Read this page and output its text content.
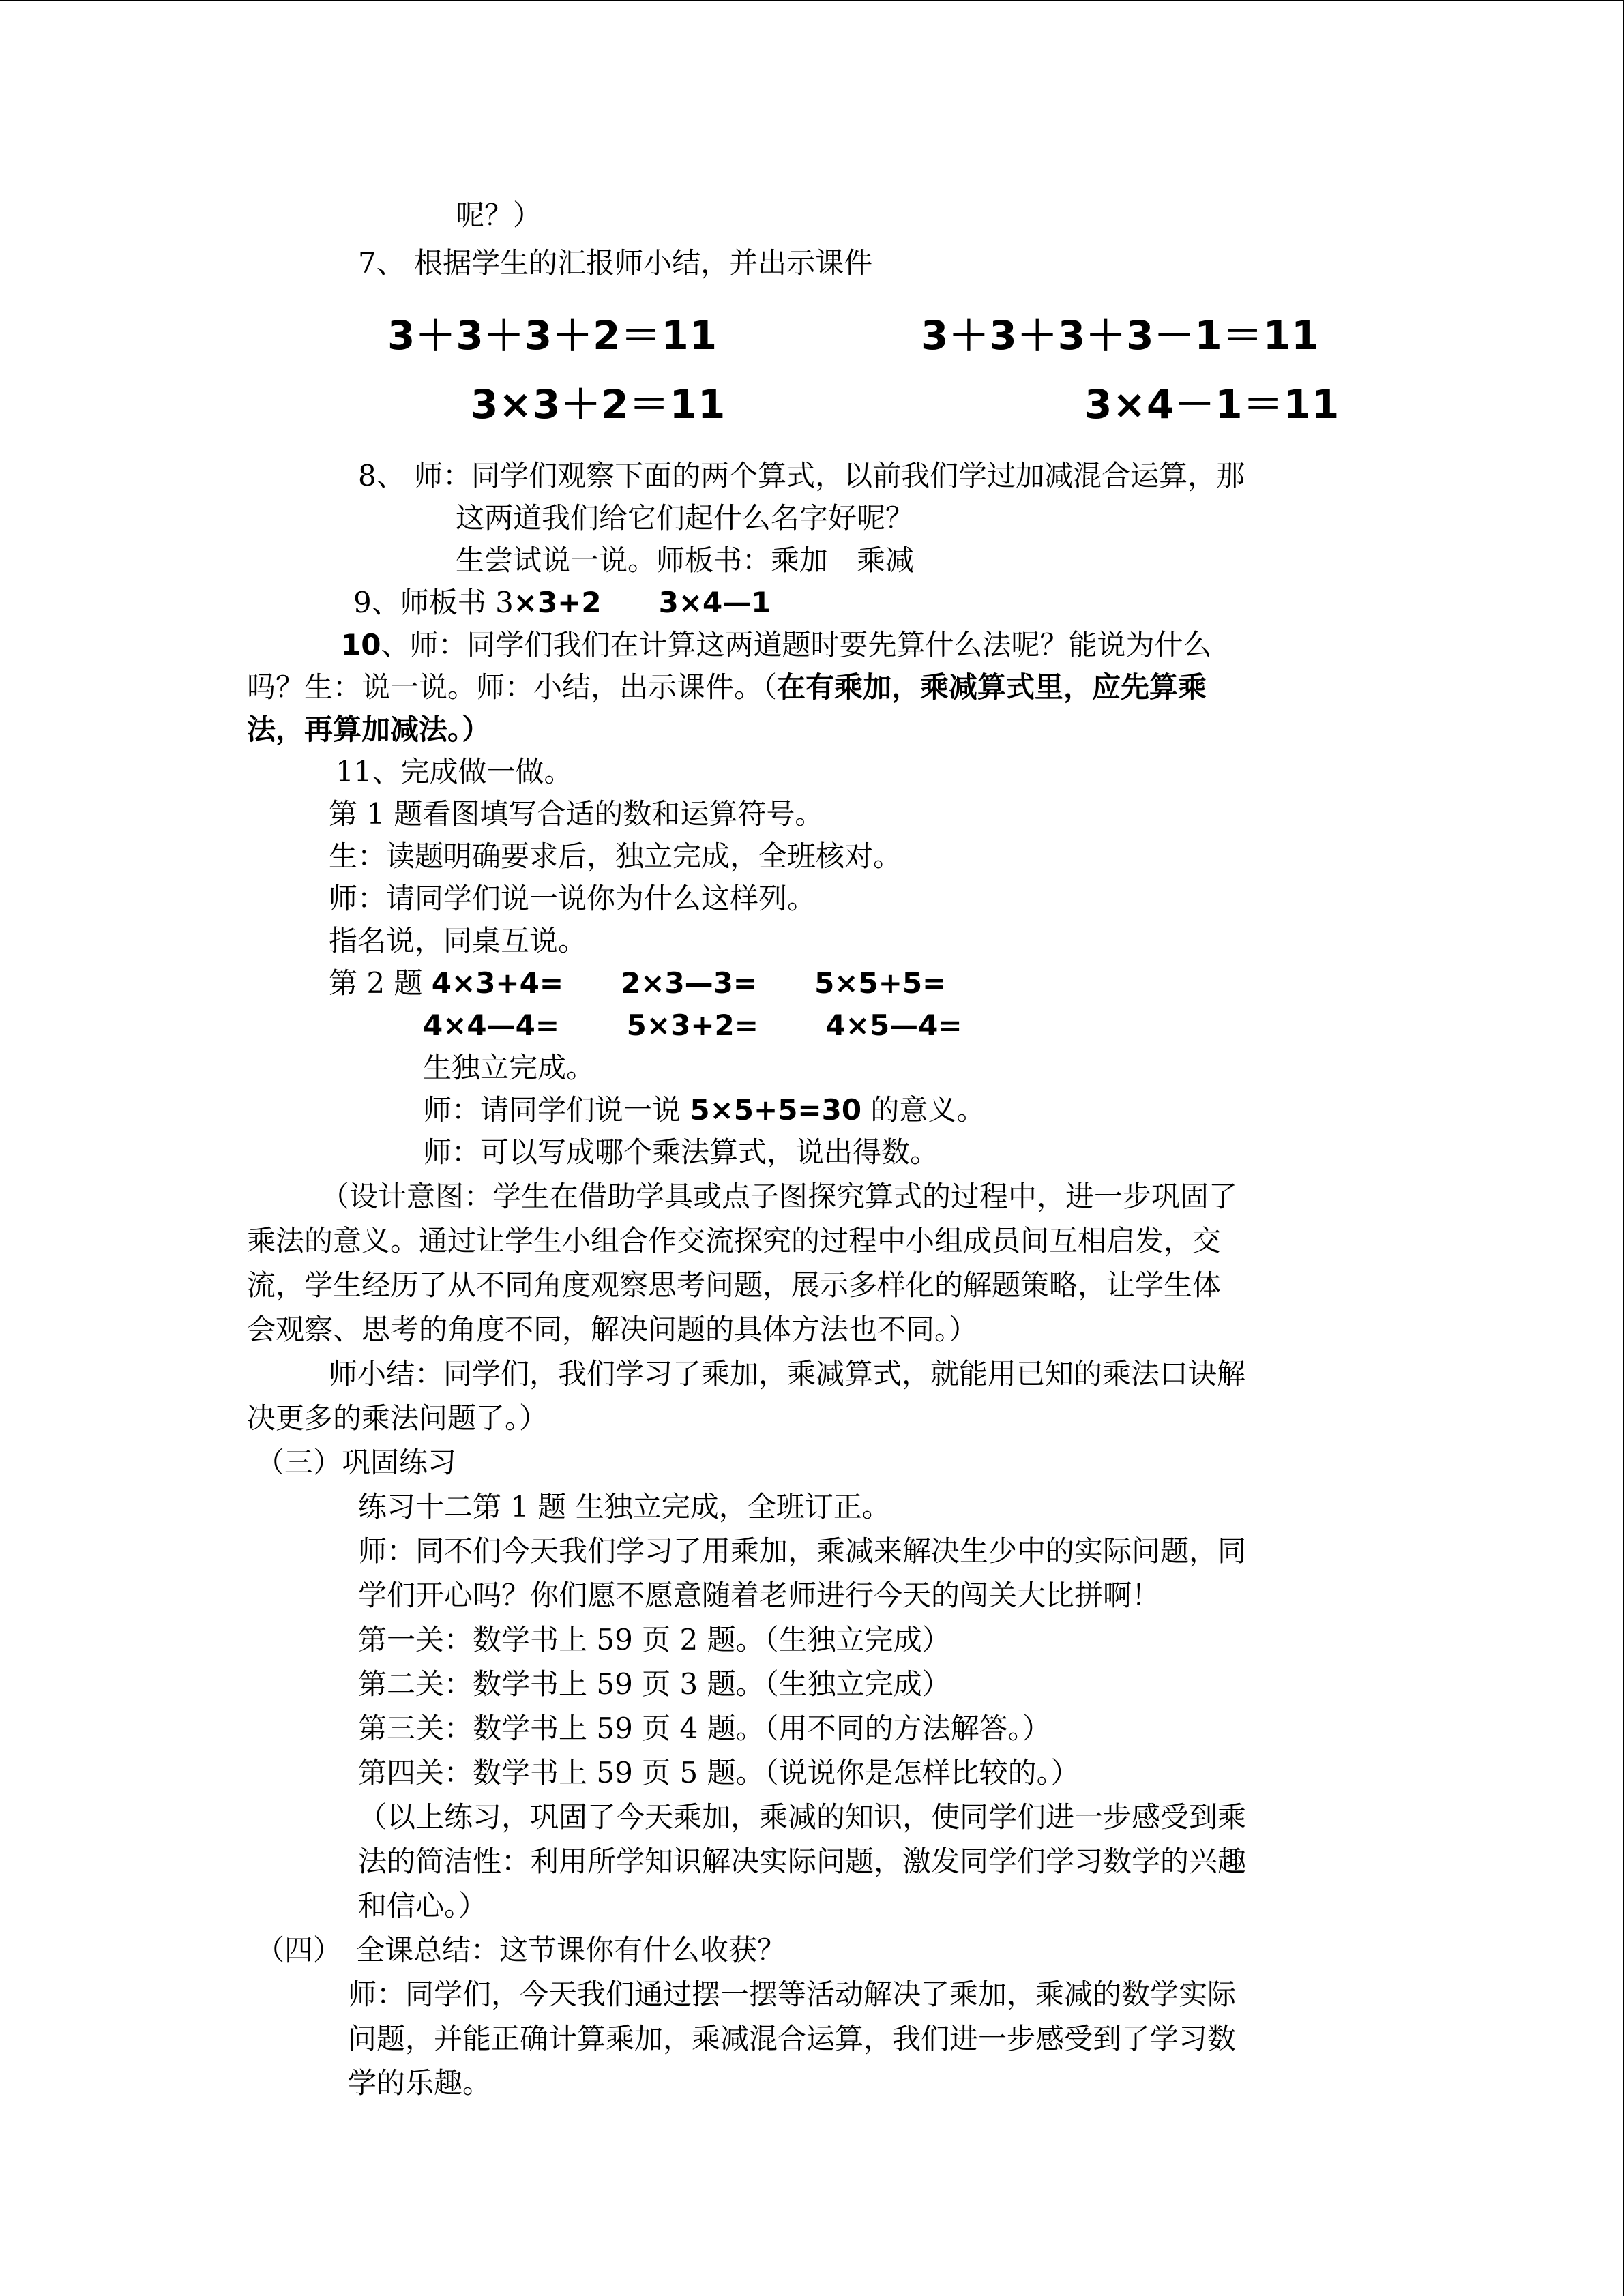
呢？）
7、 根据学生的汇报师小结，并出示课件
3＋3＋3＋2＝11	3＋3＋3＋3－1＝11
3×3＋2＝11	3×4－1＝11
8、 师：同学们观察下面的两个算式，以前我们学过加减混合运算，那
这两道我们给它们起什么名字好呢？
生尝试说一说。师板书：乘加　乘减
9、师板书 3×3+2　　3×4—1
10、师：同学们我们在计算这两道题时要先算什么法呢？能说为什么
吗？生：说一说。师：小结，出示课件。（在有乘加，乘减算式里，应先算乘
法，再算加减法。）
11、完成做一做。
第 1 题看图填写合适的数和运算符号。
生：读题明确要求后，独立完成，全班核对。
师：请同学们说一说你为什么这样列。
指名说，同桌互说。
第 2 题 4×3+4=　　2×3—3=　　5×5+5=
4×4—4=　　 5×3+2=　　 4×5—4=
生独立完成。
师：请同学们说一说 5×5+5=30 的意义。
师：可以写成哪个乘法算式，说出得数。
（设计意图：学生在借助学具或点子图探究算式的过程中，进一步巩固了
乘法的意义。通过让学生小组合作交流探究的过程中小组成员间互相启发，交
流，学生经历了从不同角度观察思考问题，展示多样化的解题策略，让学生体
会观察、思考的角度不同，解决问题的具体方法也不同。）
师小结：同学们，我们学习了乘加，乘减算式，就能用已知的乘法口诀解
决更多的乘法问题了。）
（三）巩固练习
练习十二第 1 题 生独立完成，全班订正。
师：同不们今天我们学习了用乘加，乘减来解决生少中的实际问题，同
学们开心吗？你们愿不愿意随着老师进行今天的闯关大比拼啊！
第一关：数学书上 59 页 2 题。（生独立完成）
第二关：数学书上 59 页 3 题。（生独立完成）
第三关：数学书上 59 页 4 题。（用不同的方法解答。）
第四关：数学书上 59 页 5 题。（说说你是怎样比较的。）
（以上练习，巩固了今天乘加，乘减的知识，使同学们进一步感受到乘
法的简洁性：利用所学知识解决实际问题，激发同学们学习数学的兴趣
和信心。）
（四）　全课总结：这节课你有什么收获？
师：同学们，今天我们通过摆一摆等活动解决了乘加，乘减的数学实际
问题，并能正确计算乘加，乘减混合运算，我们进一步感受到了学习数
学的乐趣。
